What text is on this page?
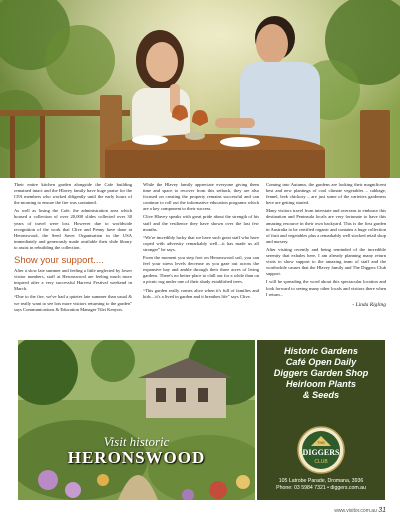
Their entire kitchen garden alongside the Cafe building remained intact and the Hlavey family have huge praise for the CFA members who worked diligently until the early hours of the morning to ensure the fire was contained.

As well as losing the Cafe, the administration area which housed a collection of over 20,000 slides collected over 30 years of travel were lost. However due to worldwide recognition of the work that Clive and Penny have done at Heronswood, the Seed Saver Organisation in the USA immediately and generously made available their slide library to assist in rebuilding the collection.

Show your support....

After a slow late summer and feeling a little neglected by lower visitor numbers, staff at Heronswood are feeling much more inspired after a very successful Harvest Festival weekend in March.

“Due to the fire, we've had a quieter late summer than usual & we really want to see lots more visitors returning to the garden” says Communications & Education Manager Tilei Kenyon.

While the Hlavey family appreciate everyone giving them time and space to recover from this setback, they are also focused on creating the property remains successful and can continue to roll out the informative education programs which are a key component to their success.

Clive Hlavey speaks with great pride about the strength of his staff and the resilience they have shown over the last few months.

“We're incredibly lucky that we have such great staff who have coped with adversity remarkably well....it has made us all stronger” he says.

From the moment you step foot on Heronswood soil, you can feel your stress levels decrease as you gaze out across the expansive bay and amble through their three acres of living gardens. There's no better place to chill out for a while than on a picnic rug under one of their shady established trees.

“This garden really comes alive when it's full of families and kids....it's a lived in garden and it breathes life” says Clive.

Coming into Autumn, the gardens are looking their magnificent best and new plantings of cool climate vegetables – cabbage, fennel, leek chickory – are just some of the varieties gardeners here are getting started.

Many visitors travel from interstate and overseas to embrace this destination and Peninsula locals are very fortunate to have this amazing resource in their own backyard. This is the first garden in Australia to be certified organic and contains a huge collection of fruit and vegetables plus a remarkably well stocked retail shop and nursery.

After visiting recently and being reminded of the incredible serenity that exhales here, I am already planning many return visits to show support to the amazing team of staff and the worthwhile causes that the Hlavey family and The Diggers Club support.

I will be spreading the word about this spectacular location and look forward to seeing many other locals and visitors there when I return...

- Linda Rigling
Visit historic
HERONSWOOD
Historic Gardens
Café Open Daily
Diggers Garden Shop
Heirloom Plants
& Seeds
THE
DIGGERS
CLUB
105 Latrobe Parade, Dromana, 3936
Phone: 03 5984 7321 • diggers.com.au
www.visitor.com.au 31
